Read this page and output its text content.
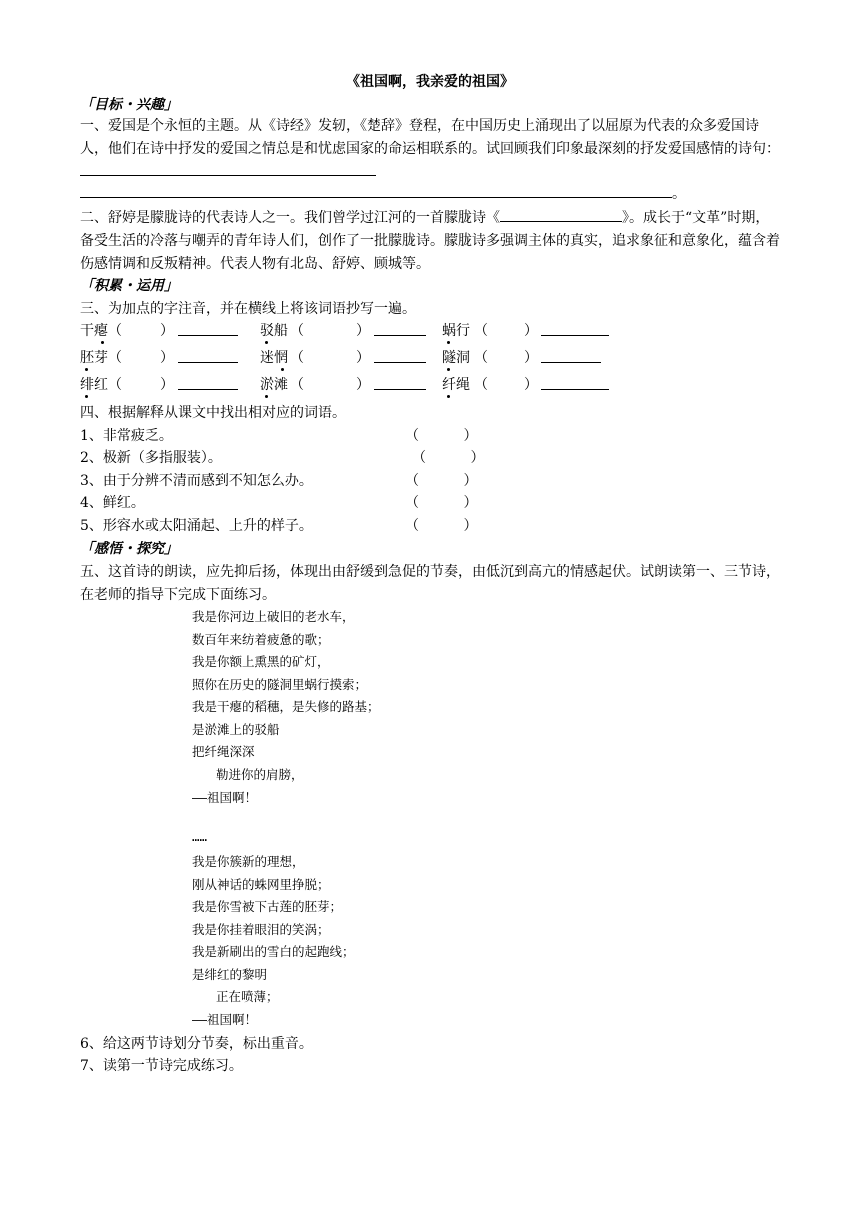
《祖国啊，我亲爱的祖国》
「目标・兴趣」
一、爱国是个永恒的主题。从《诗经》发轫，《楚辞》登程，在中国历史上涌现出了以屈原为代表的众多爱国诗人，他们在诗中抒发的爱国之情总是和忧虑国家的命运相联系的。试回顾我们印象最深刻的抒发爱国感情的诗句：
。
二、舒婷是朦胧诗的代表诗人之一。我们曾学过江河的一首朦胧诗《	》。成长于“文革”时期，备受生活的冷落与嘲弄的青年诗人们，创作了一批朦胧诗。朦胧诗多强调主体的真实，追求象征和意象化，蕴含着伤感情调和反叛精神。代表人物有北岛、舒婷、顾城等。
「积累・运用」
三、为加点的字注音，并在横线上将该词语抄写一遍。
干瘪 （	）	驳船 （	）	蜗行 （	）
胚芽 （	）	迷惘 （	）	隧洞 （	）
绯红 （	）	淤滩 （	）	纤绳 （	）
四、根据解释从课文中找出相对应的词语。
1、非常疲乏。	（          ）
2、极新（多指服装）。	（          ）
3、由于分辨不清而感到不知怎么办。	（          ）
4、鲜红。	（          ）
5、形容水或太阳涌起、上升的样子。	（          ）
「感悟・探究」
五、这首诗的朗读，应先抑后扬，体现出由舒缓到急促的节奏，由低沉到高亢的情感起伏。试朗读第一、三节诗，在老师的指导下完成下面练习。
我是你河边上破旧的老水车，
数百年来纺着疲惫的歌；
我是你额上熏黑的矿灯，
照你在历史的隧洞里蜗行摸索；
我是干瘪的稻穗，是失修的路基；
是淤滩上的驳船
把纤绳深深
勒进你的肩膀，
——祖国啊！
……
我是你簇新的理想，
刚从神话的蛛网里挣脱；
我是你雪被下古莲的胚芽；
我是你挂着眼泪的笑涡；
我是新刷出的雪白的起跑线；
是绯红的黎明
正在喷薄；
——祖国啊！
6、给这两节诗划分节奏，标出重音。
7、读第一节诗完成练习。
